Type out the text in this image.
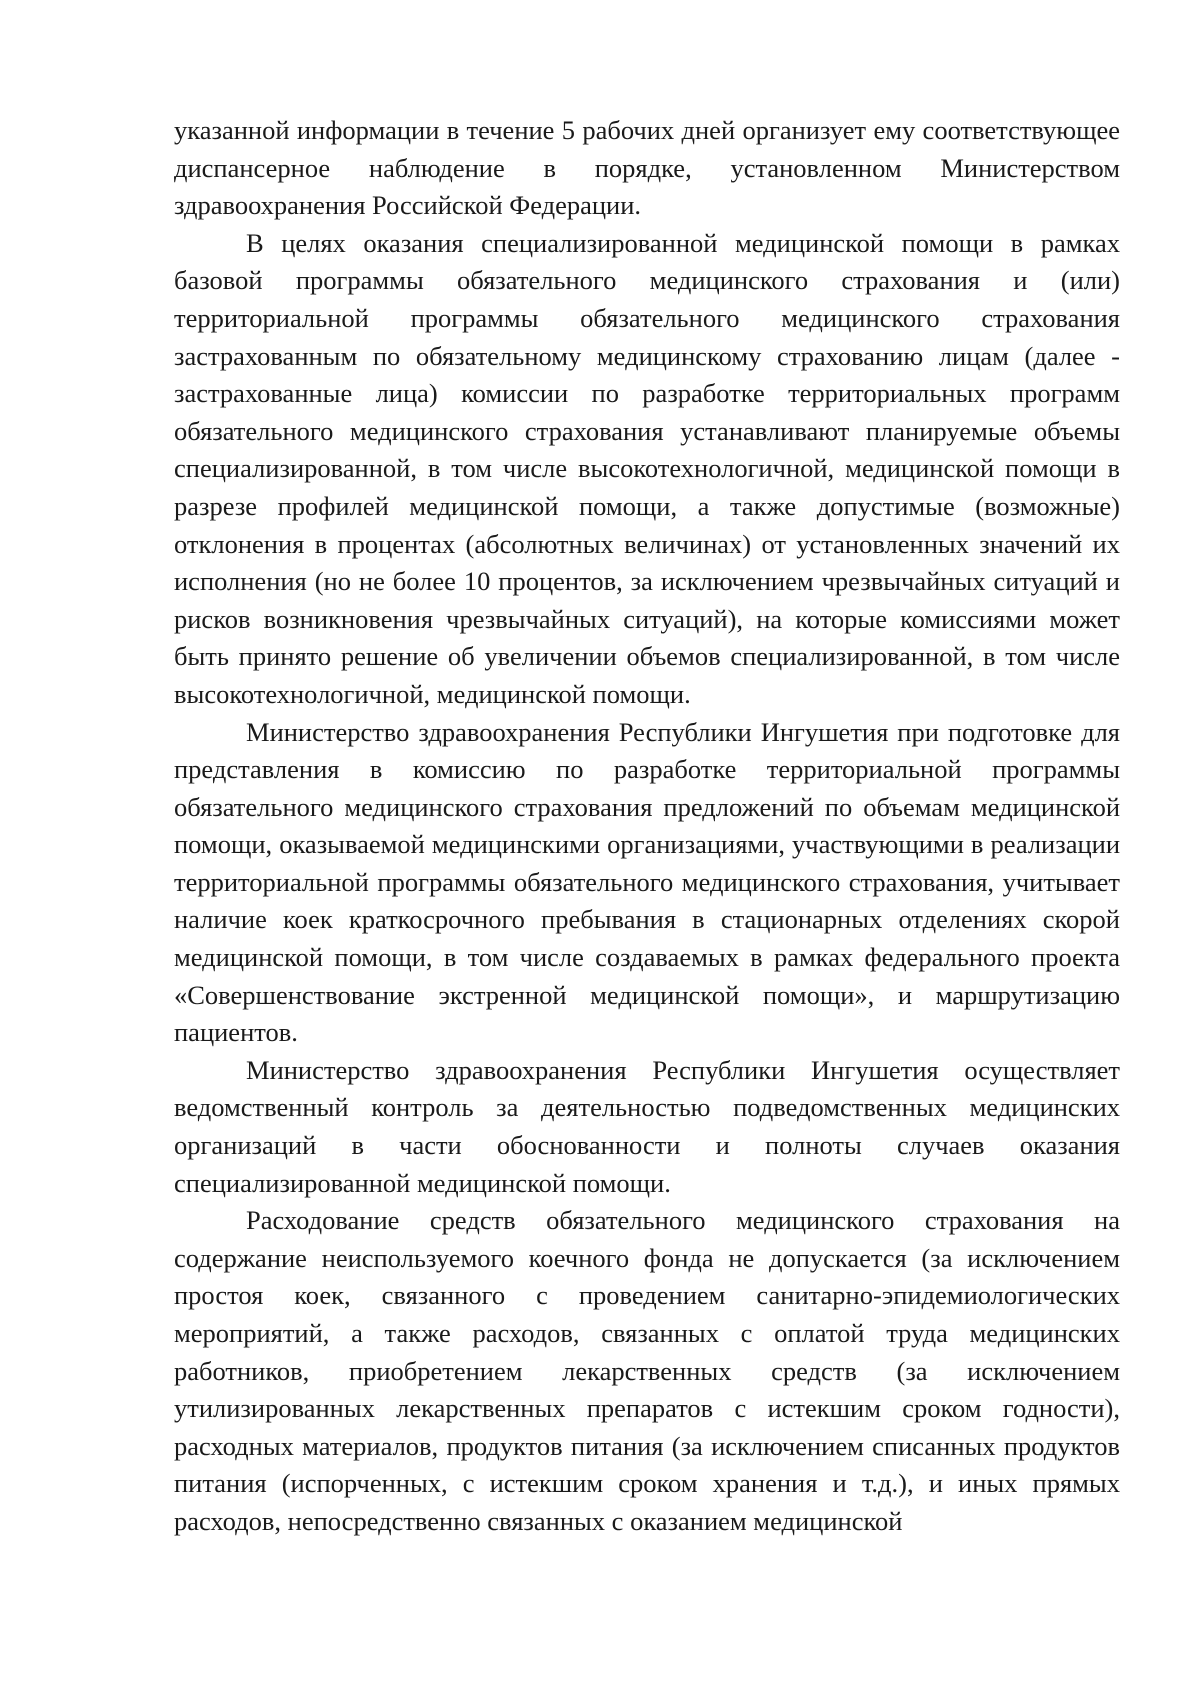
указанной информации в течение 5 рабочих дней организует ему соответствующее диспансерное наблюдение в порядке, установленном Министерством здравоохранения Российской Федерации.

В целях оказания специализированной медицинской помощи в рамках базовой программы обязательного медицинского страхования и (или) территориальной программы обязательного медицинского страхования застрахованным по обязательному медицинскому страхованию лицам (далее - застрахованные лица) комиссии по разработке территориальных программ обязательного медицинского страхования устанавливают планируемые объемы специализированной, в том числе высокотехнологичной, медицинской помощи в разрезе профилей медицинской помощи, а также допустимые (возможные) отклонения в процентах (абсолютных величинах) от установленных значений их исполнения (но не более 10 процентов, за исключением чрезвычайных ситуаций и рисков возникновения чрезвычайных ситуаций), на которые комиссиями может быть принято решение об увеличении объемов специализированной, в том числе высокотехнологичной, медицинской помощи.

Министерство здравоохранения Республики Ингушетия при подготовке для представления в комиссию по разработке территориальной программы обязательного медицинского страхования предложений по объемам медицинской помощи, оказываемой медицинскими организациями, участвующими в реализации территориальной программы обязательного медицинского страхования, учитывает наличие коек краткосрочного пребывания в стационарных отделениях скорой медицинской помощи, в том числе создаваемых в рамках федерального проекта «Совершенствование экстренной медицинской помощи», и маршрутизацию пациентов.

Министерство здравоохранения Республики Ингушетия осуществляет ведомственный контроль за деятельностью подведомственных медицинских организаций в части обоснованности и полноты случаев оказания специализированной медицинской помощи.

Расходование средств обязательного медицинского страхования на содержание неиспользуемого коечного фонда не допускается (за исключением простоя коек, связанного с проведением санитарно-эпидемиологических мероприятий, а также расходов, связанных с оплатой труда медицинских работников, приобретением лекарственных средств (за исключением утилизированных лекарственных препаратов с истекшим сроком годности), расходных материалов, продуктов питания (за исключением списанных продуктов питания (испорченных, с истекшим сроком хранения и т.д.), и иных прямых расходов, непосредственно связанных с оказанием медицинской
